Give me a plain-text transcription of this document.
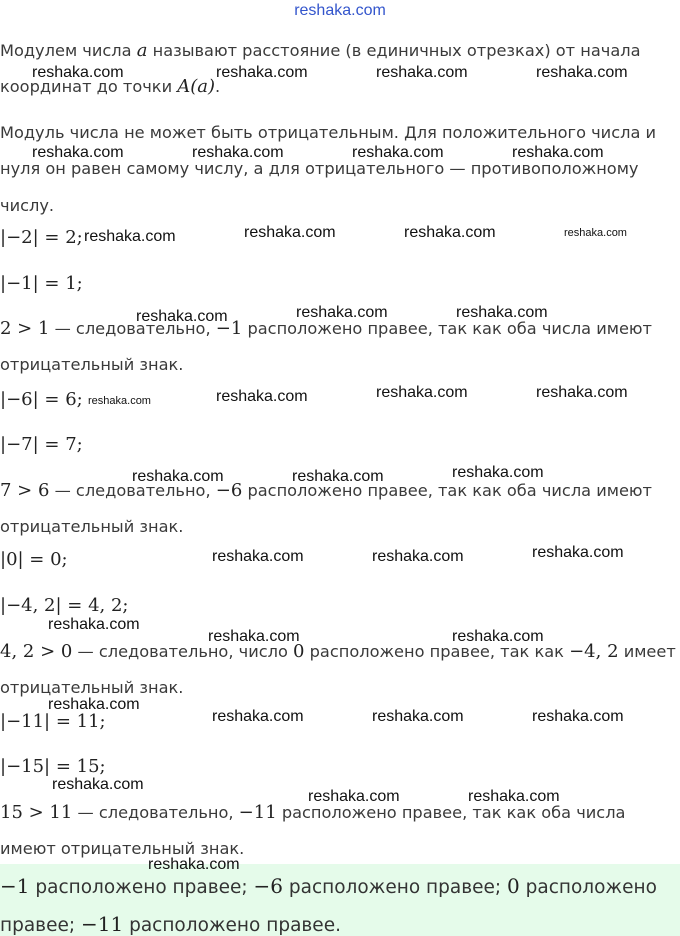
reshaka.com
Модулем числа a называют расстояние (в единичных отрезках) от начала
координат до точки A(a).
Модуль числа не может быть отрицательным. Для положительного числа и
нуля он равен самому числу, а для отрицательного — противоположному
числу.
|−2| = 2;
|−1| = 1;
2 > 1 — следовательно, −1 расположено правее, так как оба числа имеют
отрицательный знак.
|−6| = 6;
|−7| = 7;
7 > 6 — следовательно, −6 расположено правее, так как оба числа имеют
отрицательный знак.
|0| = 0;
|−4, 2| = 4, 2;
4, 2 > 0 — следовательно, число 0 расположено правее, так как −4, 2 имеет
отрицательный знак.
|−11| = 11;
|−15| = 15;
15 > 11 — следовательно, −11 расположено правее, так как оба числа
имеют отрицательный знак.
−1 расположено правее; −6 расположено правее; 0 расположено
правее; −11 расположено правее.
reshaka.com	reshaka.com	reshaka.com	reshaka.com
reshaka.com	reshaka.com	reshaka.com	reshaka.com
reshaka.com	reshaka.com	reshaka.com	reshaka.com
reshaka.com	reshaka.com	reshaka.com
reshaka.com	reshaka.com	reshaka.com	reshaka.com
reshaka.com	reshaka.com	reshaka.com
reshaka.com	reshaka.com	reshaka.com
reshaka.com
reshaka.com	reshaka.com
reshaka.com
reshaka.com	reshaka.com	reshaka.com
reshaka.com
reshaka.com	reshaka.com
reshaka.com
